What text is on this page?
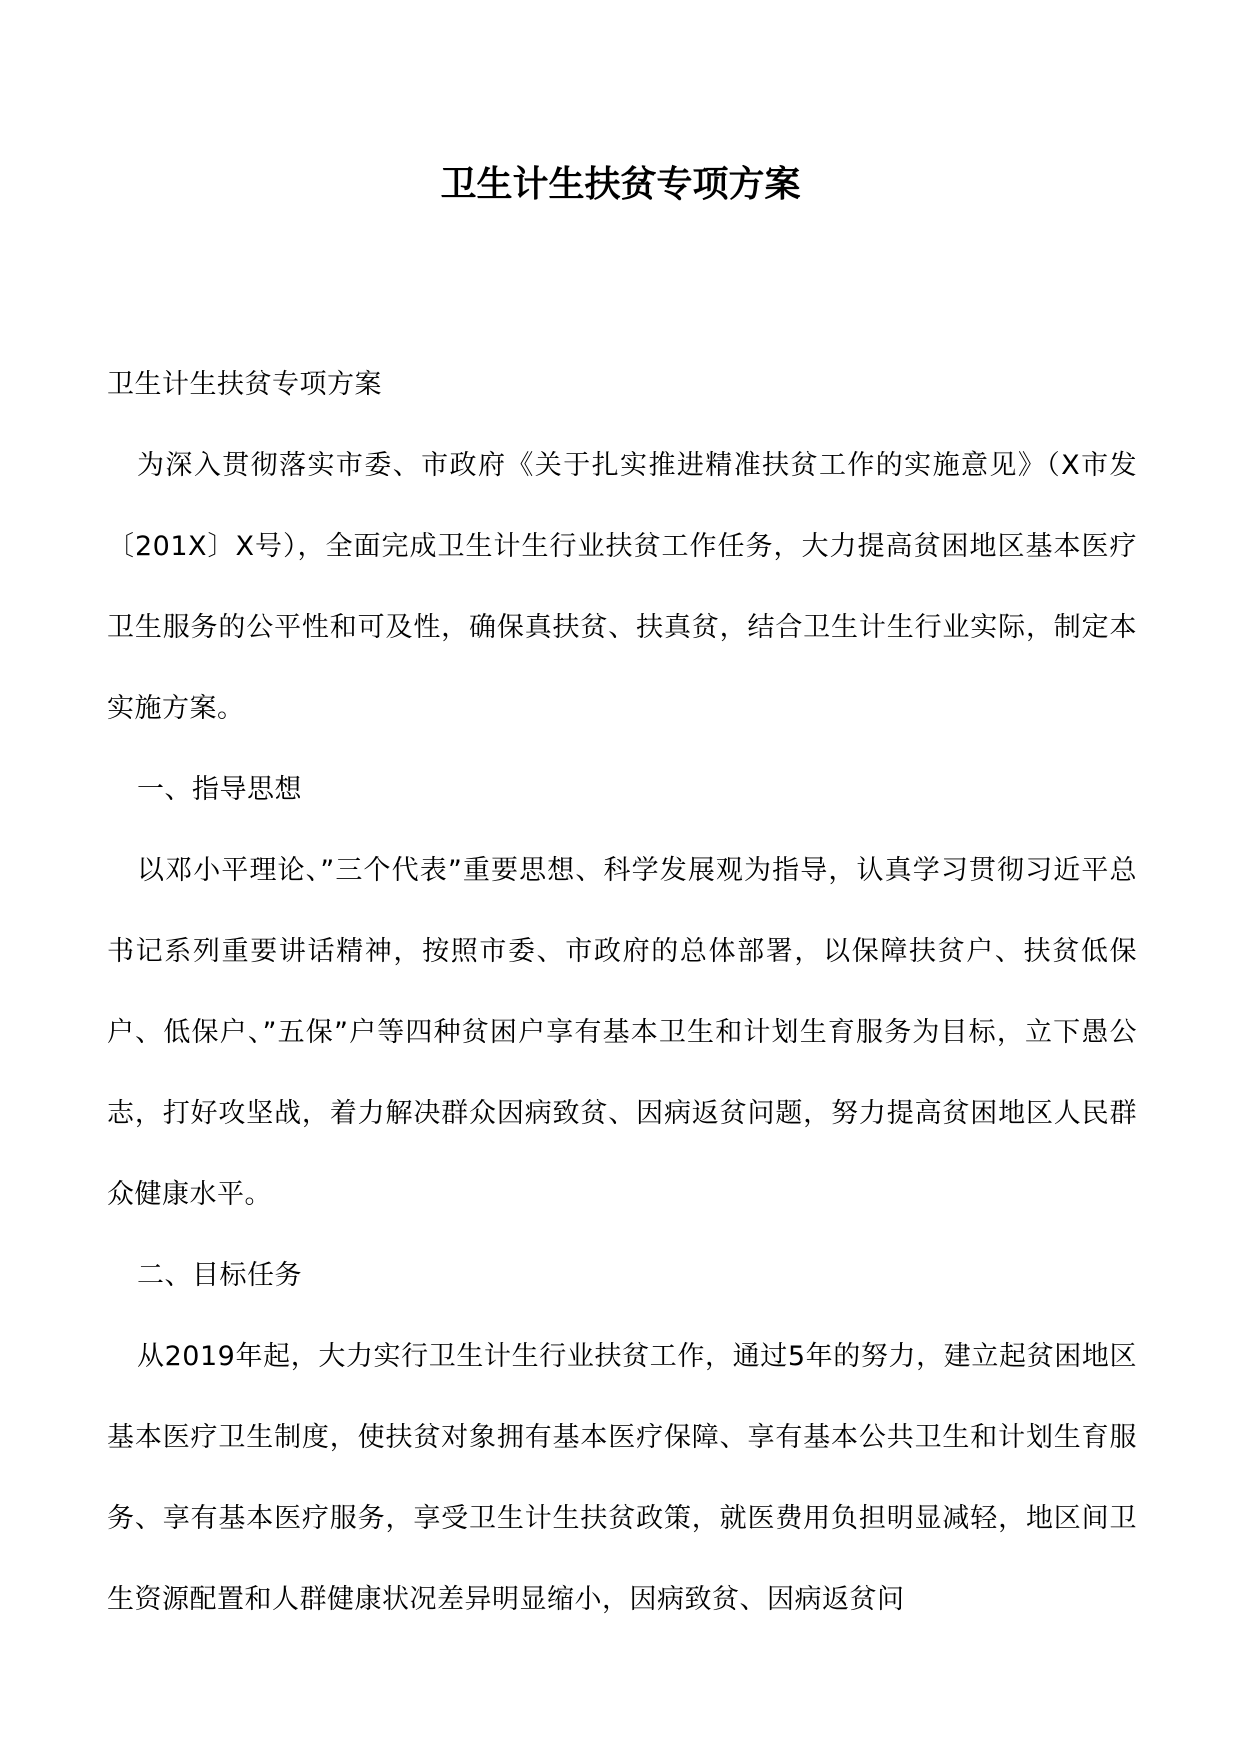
卫生计生扶贫专项方案

卫生计生扶贫专项方案

为深入贯彻落实市委、市政府《关于扎实推进精准扶贫工作的实施意见》（X市发〔201X〕X号），全面完成卫生计生行业扶贫工作任务，大力提高贫困地区基本医疗卫生服务的公平性和可及性，确保真扶贫、扶真贫，结合卫生计生行业实际，制定本实施方案。

一、指导思想

以邓小平理论、”三个代表”重要思想、科学发展观为指导，认真学习贯彻习近平总书记系列重要讲话精神，按照市委、市政府的总体部署，以保障扶贫户、扶贫低保户、低保户、”五保”户等四种贫困户享有基本卫生和计划生育服务为目标，立下愚公志，打好攻坚战，着力解决群众因病致贫、因病返贫问题，努力提高贫困地区人民群众健康水平。

二、目标任务

从2019年起，大力实行卫生计生行业扶贫工作，通过5年的努力，建立起贫困地区基本医疗卫生制度，使扶贫对象拥有基本医疗保障、享有基本公共卫生和计划生育服务、享有基本医疗服务，享受卫生计生扶贫政策，就医费用负担明显减轻，地区间卫生资源配置和人群健康状况差异明显缩小，因病致贫、因病返贫问
